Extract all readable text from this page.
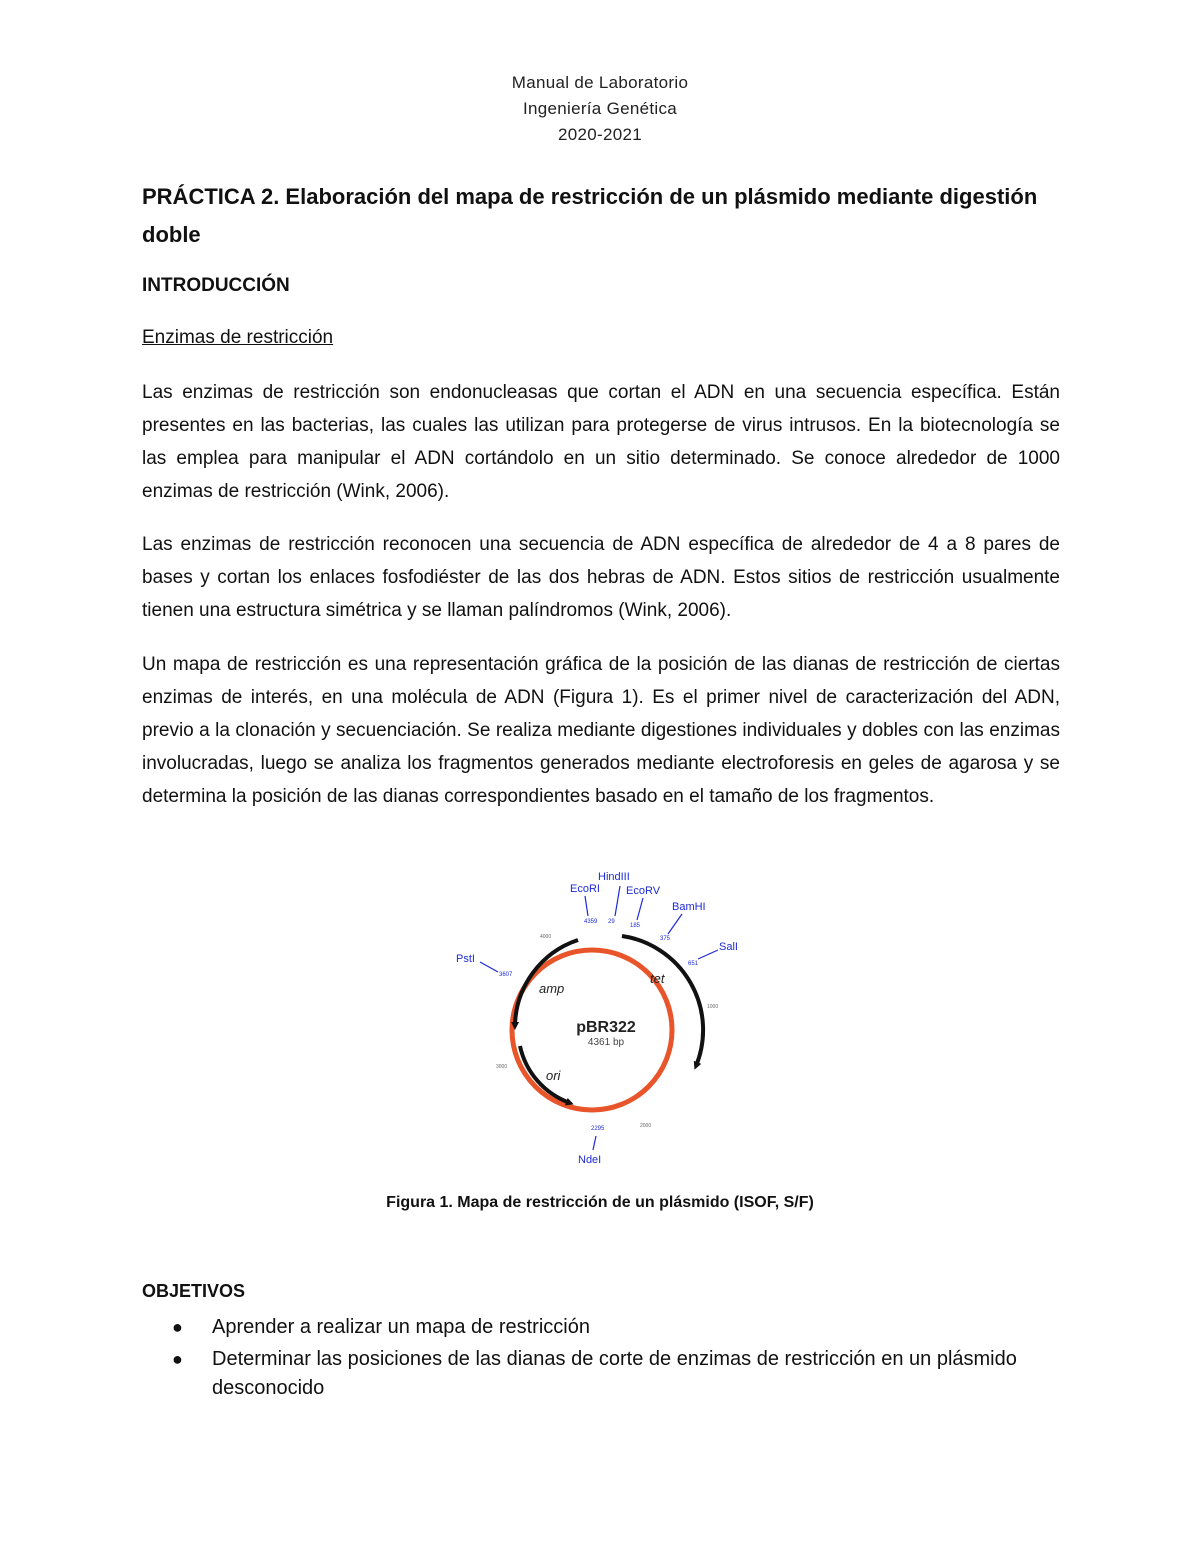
Manual de Laboratorio
Ingeniería Genética
2020-2021
PRÁCTICA 2. Elaboración del mapa de restricción de un plásmido mediante digestión doble
INTRODUCCIÓN
Enzimas de restricción
Las enzimas de restricción son endonucleasas que cortan el ADN en una secuencia específica. Están presentes en las bacterias, las cuales las utilizan para protegerse de virus intrusos. En la biotecnología se las emplea para manipular el ADN cortándolo en un sitio determinado. Se conoce alrededor de 1000 enzimas de restricción (Wink, 2006).
Las enzimas de restricción reconocen una secuencia de ADN específica de alrededor de 4 a 8 pares de bases y cortan los enlaces fosfodiéster de las dos hebras de ADN. Estos sitios de restricción usualmente tienen una estructura simétrica y se llaman palíndromos (Wink, 2006).
Un mapa de restricción es una representación gráfica de la posición de las dianas de restricción de ciertas enzimas de interés, en una molécula de ADN (Figura 1). Es el primer nivel de caracterización del ADN, previo a la clonación y secuenciación. Se realiza mediante digestiones individuales y dobles con las enzimas involucradas, luego se analiza los fragmentos generados mediante electroforesis en geles de agarosa y se determina la posición de las dianas correspondientes basado en el tamaño de los fragmentos.
pBR322
4361 bp
amp
tet
ori
4000
1000
3000
2000
4359 29
185
375
651
3607
2295
HindIII
EcoRI EcoRV
BamHI
SalI
PstI
NdeI
Figura 1. Mapa de restricción de un plásmido (ISOF, S/F)
OBJETIVOS
● Aprender a realizar un mapa de restricción
● Determinar las posiciones de las dianas de corte de enzimas de restricción en un plásmido desconocido
